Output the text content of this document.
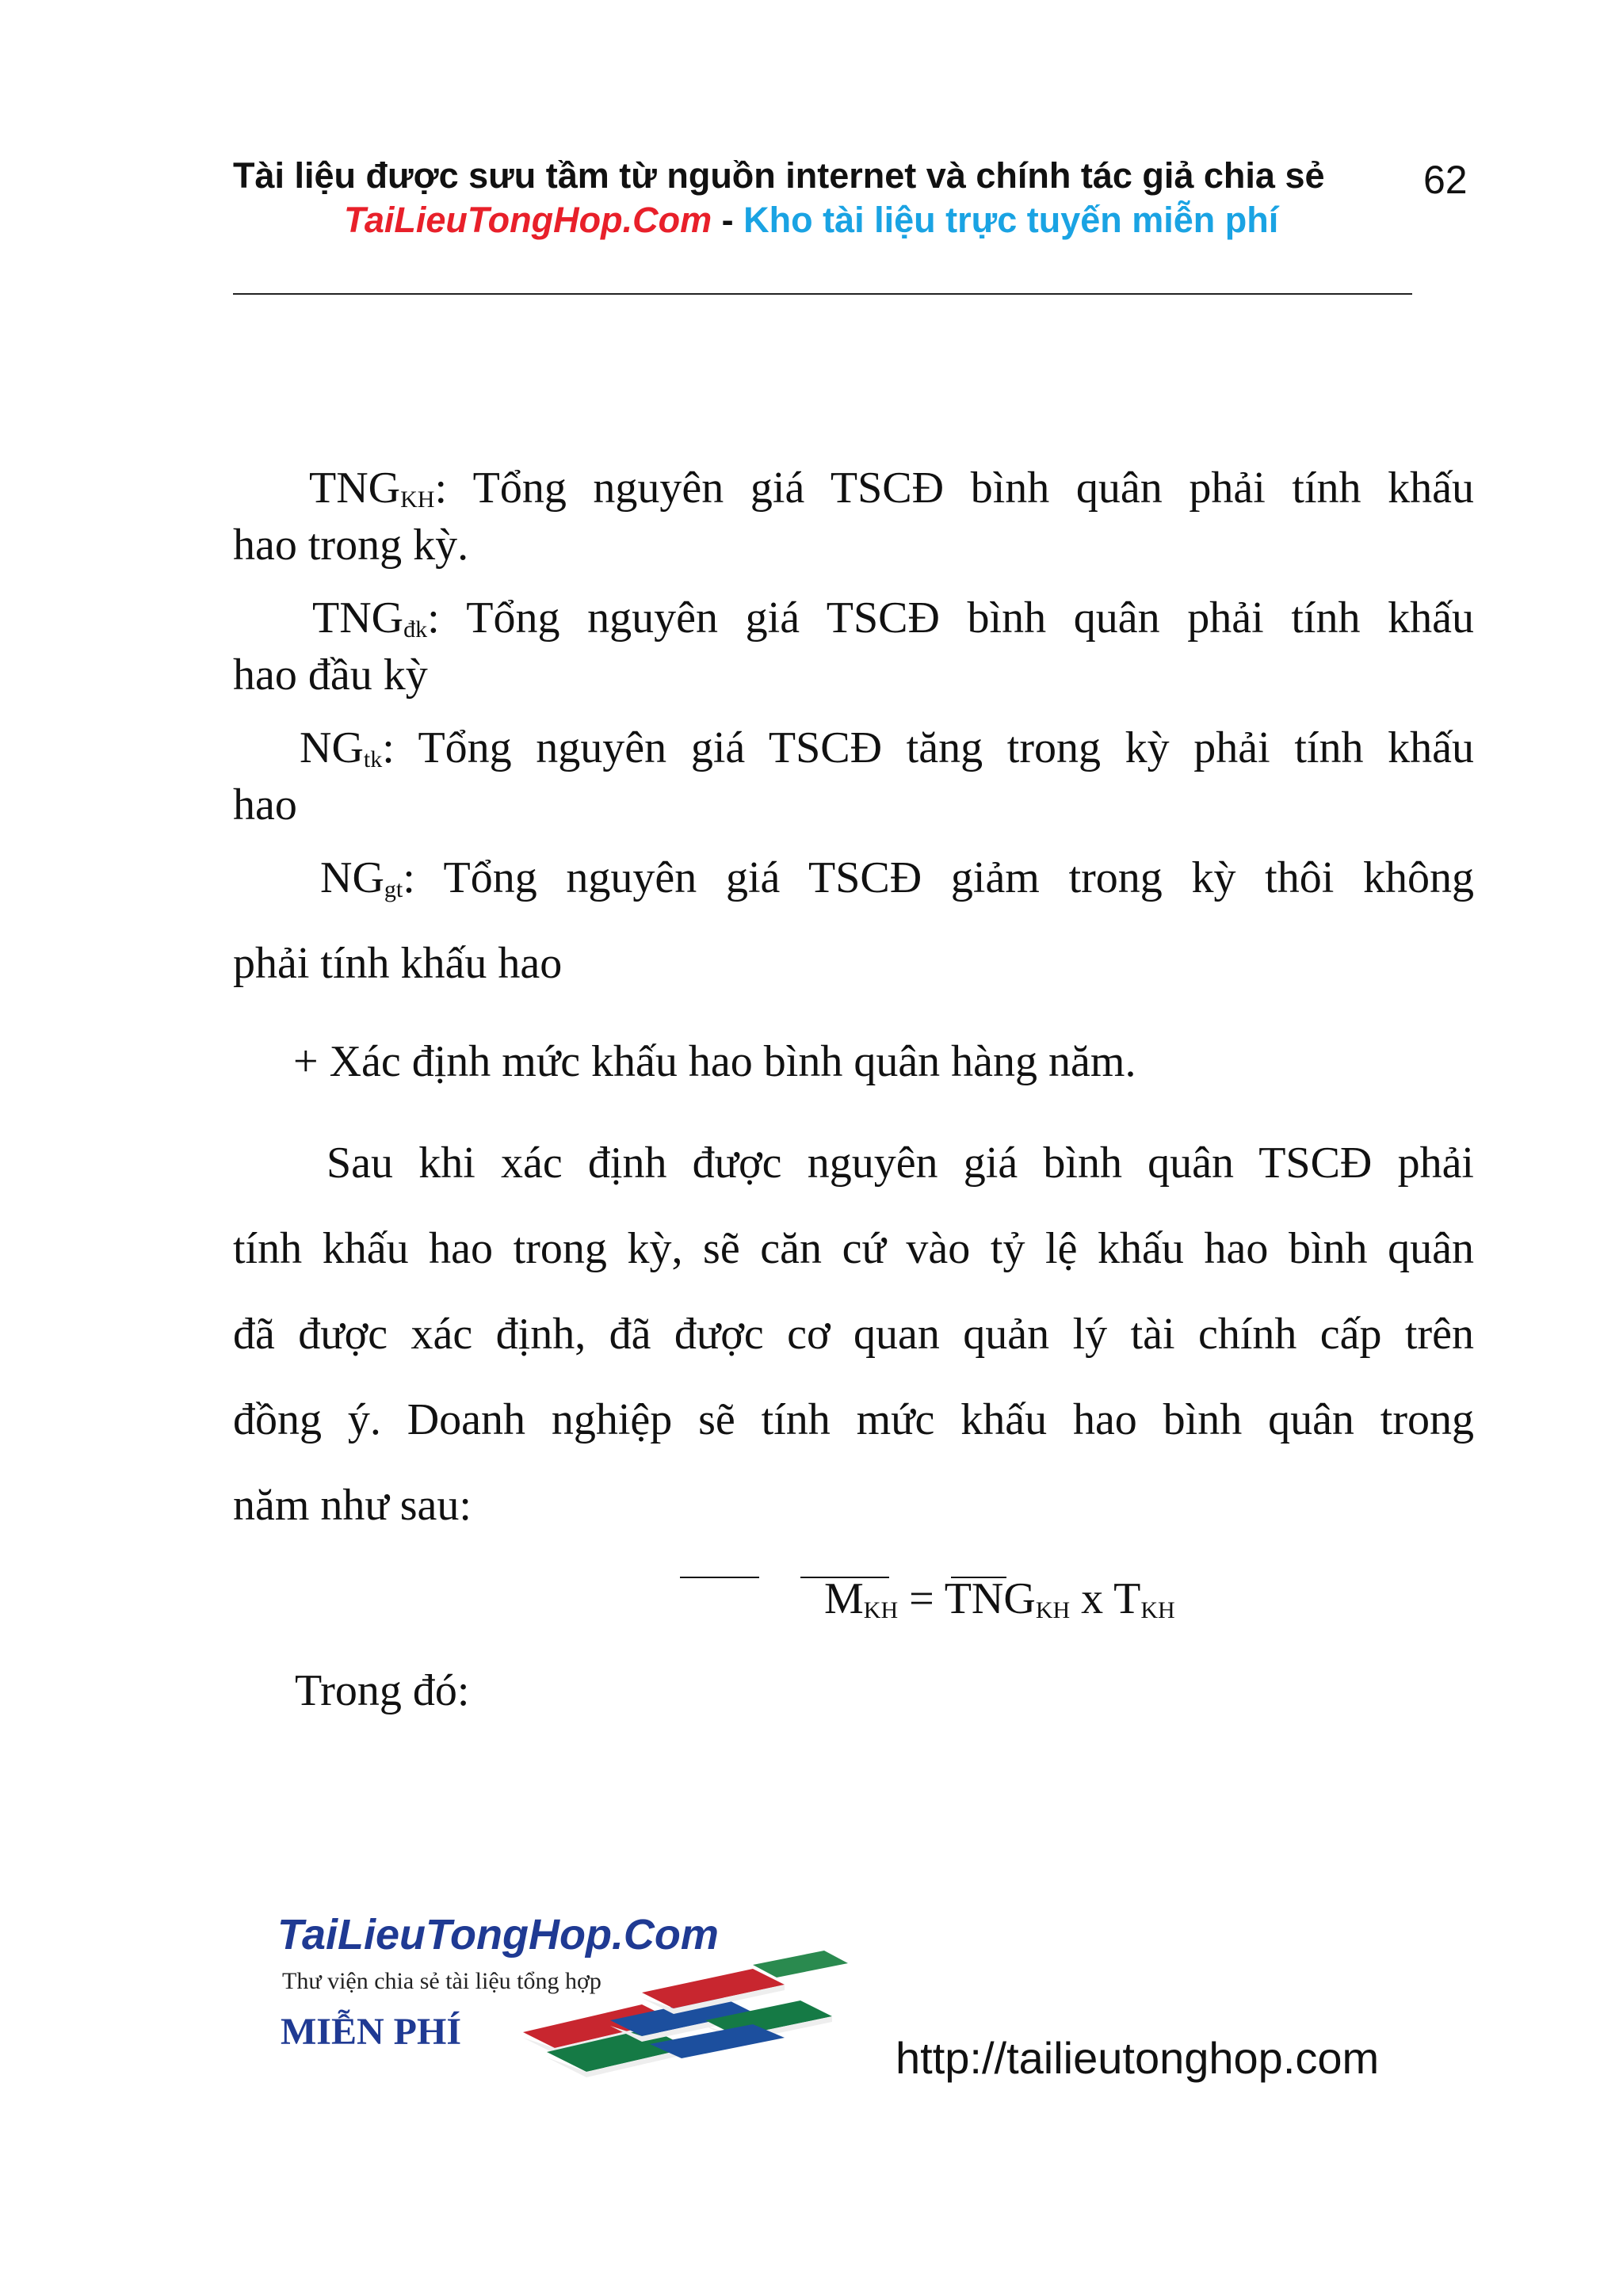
Tài liệu được sưu tầm từ nguồn internet và chính tác giả chia sẻ 62
TaiLieuTongHop.Com - Kho tài liệu trực tuyến miễn phí
$TNG_{KH}$: Tổng nguyên giá TSCĐ bình quân phải tính khấu
hao trong kỳ.
$TNG_{đk}$: Tổng nguyên giá TSCĐ bình quân phải tính khấu
hao đầu kỳ
$NG_{tk}$: Tổng nguyên giá TSCĐ tăng trong kỳ phải tính khấu
hao
$NG_{gt}$: Tổng nguyên giá TSCĐ giảm trong kỳ thôi không
phải tính khấu hao
+ Xác định mức khấu hao bình quân hàng năm.
Sau khi xác định được nguyên giá bình quân TSCĐ phải
tính khấu hao trong kỳ, sẽ căn cứ vào tỷ lệ khấu hao bình quân
đã được xác định, đã được cơ quan quản lý tài chính cấp trên
đồng ý. Doanh nghiệp sẽ tính mức khấu hao bình quân trong
năm như sau:
$M_{KH} = TNG_{KH}$ x $T_{KH}$
Trong đó:
TaiLieuTongHop.Com
Thư viện chia sẻ tài liệu tổng hợp
MIỄN PHÍ
http://tailieutonghop.com
